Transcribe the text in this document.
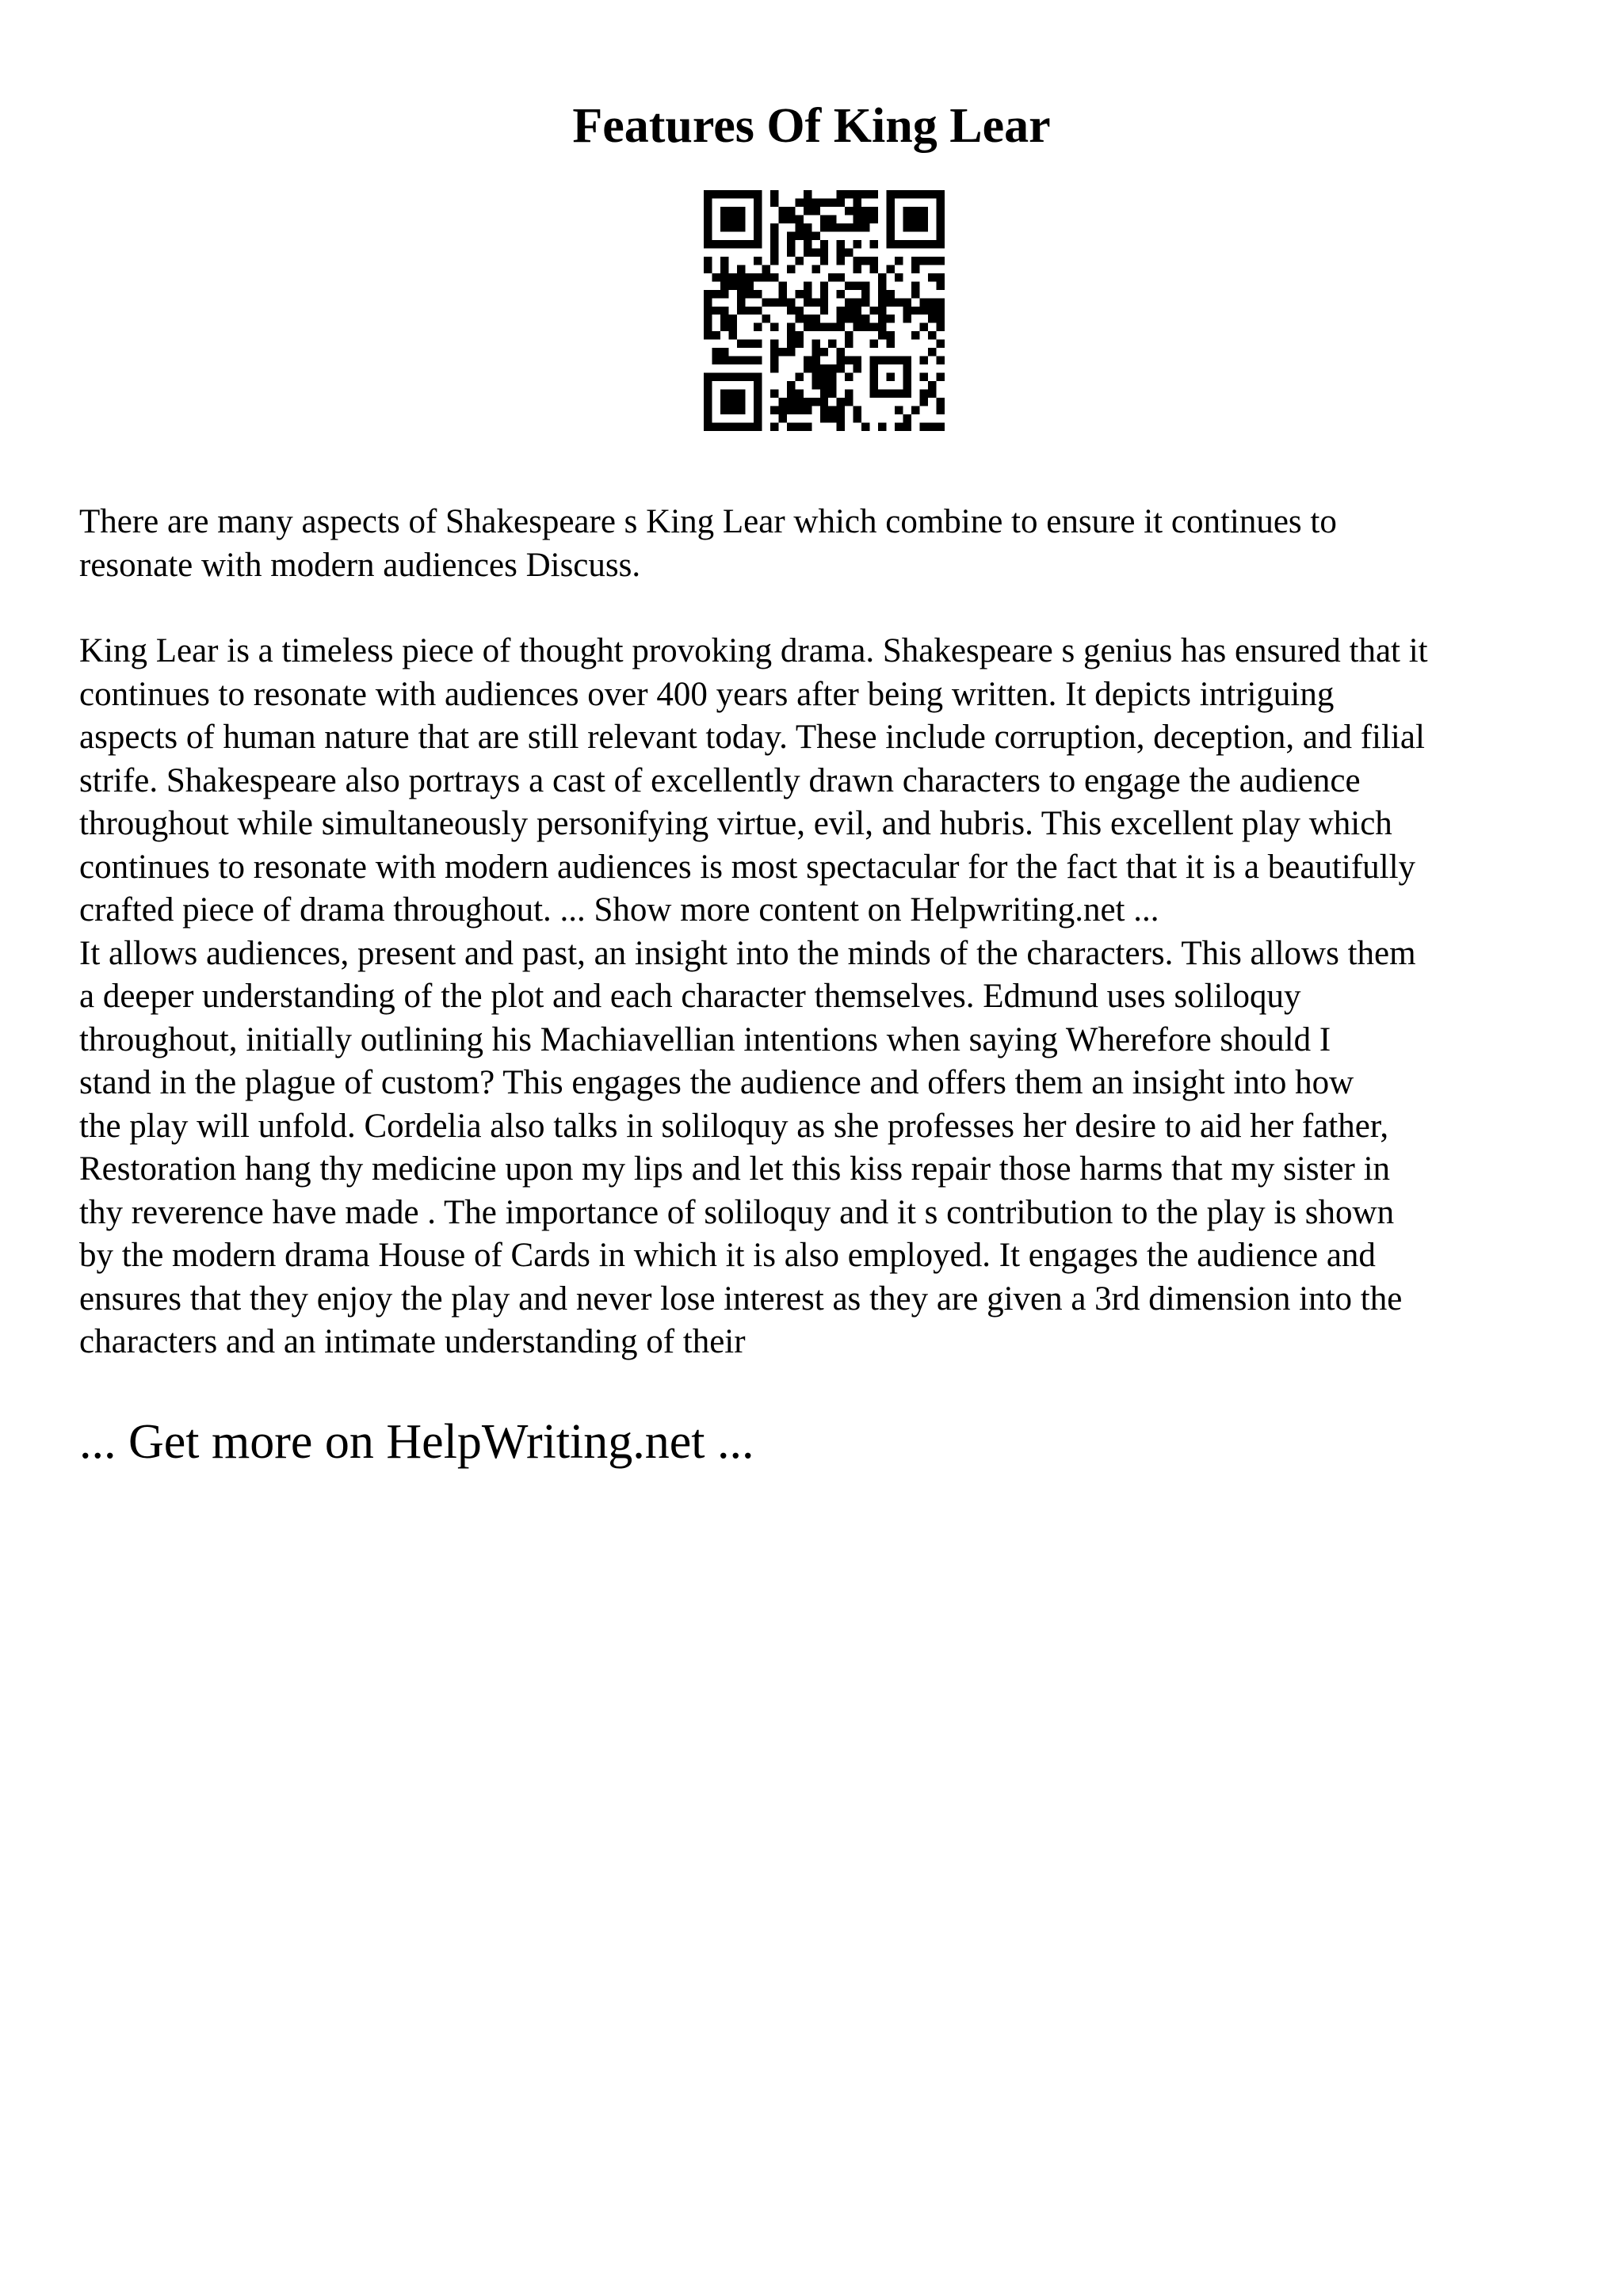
Features Of King Lear

There are many aspects of Shakespeare s King Lear which combine to ensure it continues to

resonate with modern audiences Discuss.

King Lear is a timeless piece of thought provoking drama. Shakespeare s genius has ensured that it

continues to resonate with audiences over 400 years after being written. It depicts intriguing

aspects of human nature that are still relevant today. These include corruption, deception, and filial

strife. Shakespeare also portrays a cast of excellently drawn characters to engage the audience

throughout while simultaneously personifying virtue, evil, and hubris. This excellent play which

continues to resonate with modern audiences is most spectacular for the fact that it is a beautifully

crafted piece of drama throughout. ... Show more content on Helpwriting.net ...

It allows audiences, present and past, an insight into the minds of the characters. This allows them

a deeper understanding of the plot and each character themselves. Edmund uses soliloquy

throughout, initially outlining his Machiavellian intentions when saying Wherefore should I

stand in the plague of custom? This engages the audience and offers them an insight into how

the play will unfold. Cordelia also talks in soliloquy as she professes her desire to aid her father,

Restoration hang thy medicine upon my lips and let this kiss repair those harms that my sister in

thy reverence have made . The importance of soliloquy and it s contribution to the play is shown

by the modern drama House of Cards in which it is also employed. It engages the audience and

ensures that they enjoy the play and never lose interest as they are given a 3rd dimension into the

characters and an intimate understanding of their

... Get more on HelpWriting.net ...
